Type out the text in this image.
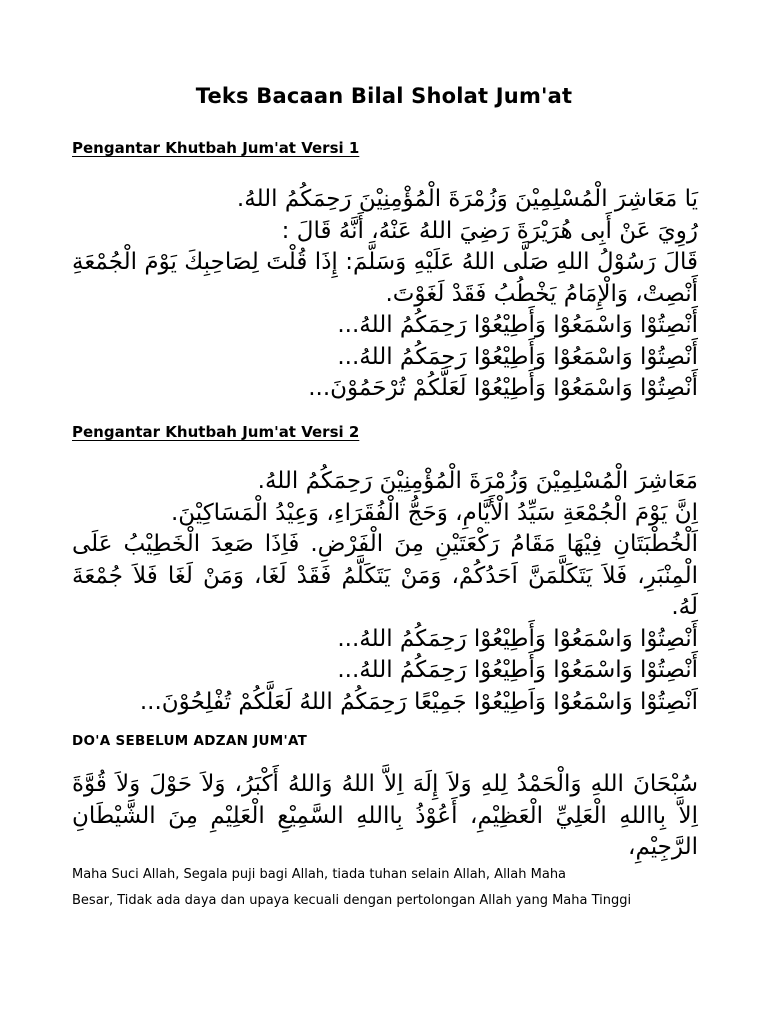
Teks Bacaan Bilal Sholat Jum'at
Pengantar Khutbah Jum'at Versi 1

يَا مَعَاشِرَ الْمُسْلِمِيْنَ وَزُمْرَةَ الْمُؤْمِنِيْنَ رَحِمَكُمُ اللهُ.

رُوِيَ عَنْ أَبِى هُرَيْرَةَ رَضِيَ اللهُ عَنْهُ، أَنَّهُ قَالَ :

قَالَ رَسُوْلُ اللهِ صَلَّى اللهُ عَلَيْهِ وَسَلَّمَ: إِذَا قُلْتَ لِصَاحِبِكَ يَوْمَ الْجُمْعَةِ أَنْصِتْ، وَالْإِمَامُ يَخْطُبُ فَقَدْ لَغَوْتَ.

أَنْصِتُوْا وَاسْمَعُوْا وَأَطِيْعُوْا رَحِمَكُمُ اللهُ...

أَنْصِتُوْا وَاسْمَعُوْا وَأَطِيْعُوْا رَحِمَكُمُ اللهُ...

أَنْصِتُوْا وَاسْمَعُوْا وَأَطِيْعُوْا لَعَلَّكُمْ تُرْحَمُوْنَ...

Pengantar Khutbah Jum'at Versi 2

مَعَاشِرَ الْمُسْلِمِيْنَ وَزُمْرَةَ الْمُؤْمِنِيْنَ رَحِمَكُمُ اللهُ.

اِنَّ يَوْمَ الْجُمْعَةِ سَيِّدُ الْأَيَّامِ، وَحَجُّ الْفُقَرَاءِ، وَعِيْدُ الْمَسَاكِيْنَ.

اَلْخُطْبَتَانِ فِيْهَا مَقَامُ رَكْعَتَيْنِ مِنَ الْفَرْضِ. فَاِذَا صَعِدَ الْخَطِيْبُ عَلَى الْمِنْبَرِ، فَلاَ يَتَكَلَّمَنَّ اَحَدُكُمْ، وَمَنْ يَتَكَلَّمُ فَقَدْ لَغَا، وَمَنْ لَغَا فَلاَ جُمْعَةَ لَهُ.

أَنْصِتُوْا وَاسْمَعُوْا وَأَطِيْعُوْا رَحِمَكُمُ اللهُ...

أَنْصِتُوْا وَاسْمَعُوْا وَأَطِيْعُوْا رَحِمَكُمُ اللهُ...

اَنْصِتُوْا وَاسْمَعُوْا وَاَطِيْعُوْا جَمِيْعًا رَحِمَكُمُ اللهُ لَعَلَّكُمْ تُفْلِحُوْنَ...

DO'A SEBELUM ADZAN JUM'AT

سُبْحَانَ اللهِ وَالْحَمْدُ لِلهِ وَلاَ إِلَهَ اِلاَّ اللهُ وَاللهُ أَكْبَرُ، وَلاَ حَوْلَ وَلاَ قُوَّةَ اِلاَّ بِااللهِ الْعَلِيِّ الْعَظِيْمِ، أَعُوْذُ بِااللهِ السَّمِيْعِ الْعَلِيْمِ مِنَ الشَّيْطَانِ الرَّجِيْمِ،

Maha Suci Allah, Segala puji bagi Allah, tiada tuhan selain Allah, Allah Maha

Besar, Tidak ada daya dan upaya kecuali dengan pertolongan Allah yang Maha Tinggi
